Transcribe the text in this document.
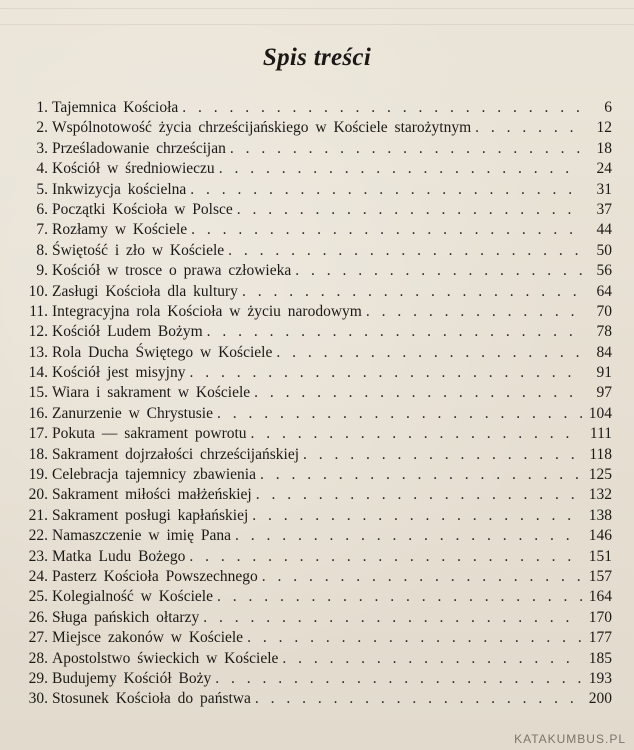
Spis treści
1. Tajemnica Kościoła . . .	6
2. Wspólnotowość życia chrześcijańskiego w Kościele starożytnym . . .	12
3. Prześladowanie chrześcijan . . .	18
4. Kościół w średniowieczu . . .	24
5. Inkwizycja kościelna . . .	31
6. Początki Kościoła w Polsce . . .	37
7. Rozłamy w Kościele . . .	44
8. Świętość i zło w Kościele . . .	50
9. Kościół w trosce o prawa człowieka . . .	56
10. Zasługi Kościoła dla kultury . . .	64
11. Integracyjna rola Kościoła w życiu narodowym . . .	70
12. Kościół Ludem Bożym . . .	78
13. Rola Ducha Świętego w Kościele . . .	84
14. Kościół jest misyjny . . .	91
15. Wiara i sakrament w Kościele . . .	97
16. Zanurzenie w Chrystusie . . .	104
17. Pokuta — sakrament powrotu . . .	111
18. Sakrament dojrzałości chrześcijańskiej . . .	118
19. Celebracja tajemnicy zbawienia . . .	125
20. Sakrament miłości małżeńskiej . . .	132
21. Sakrament posługi kapłańskiej . . .	138
22. Namaszczenie w imię Pana . . .	146
23. Matka Ludu Bożego . . .	151
24. Pasterz Kościoła Powszechnego . . .	157
25. Kolegialność w Kościele . . .	164
26. Sługa pańskich ołtarzy . . .	170
27. Miejsce zakonów w Kościele . . .	177
28. Apostolstwo świeckich w Kościele . . .	185
29. Budujemy Kościół Boży . . .	193
30. Stosunek Kościoła do państwa . . .	200
KATAKUMBUS.PL
